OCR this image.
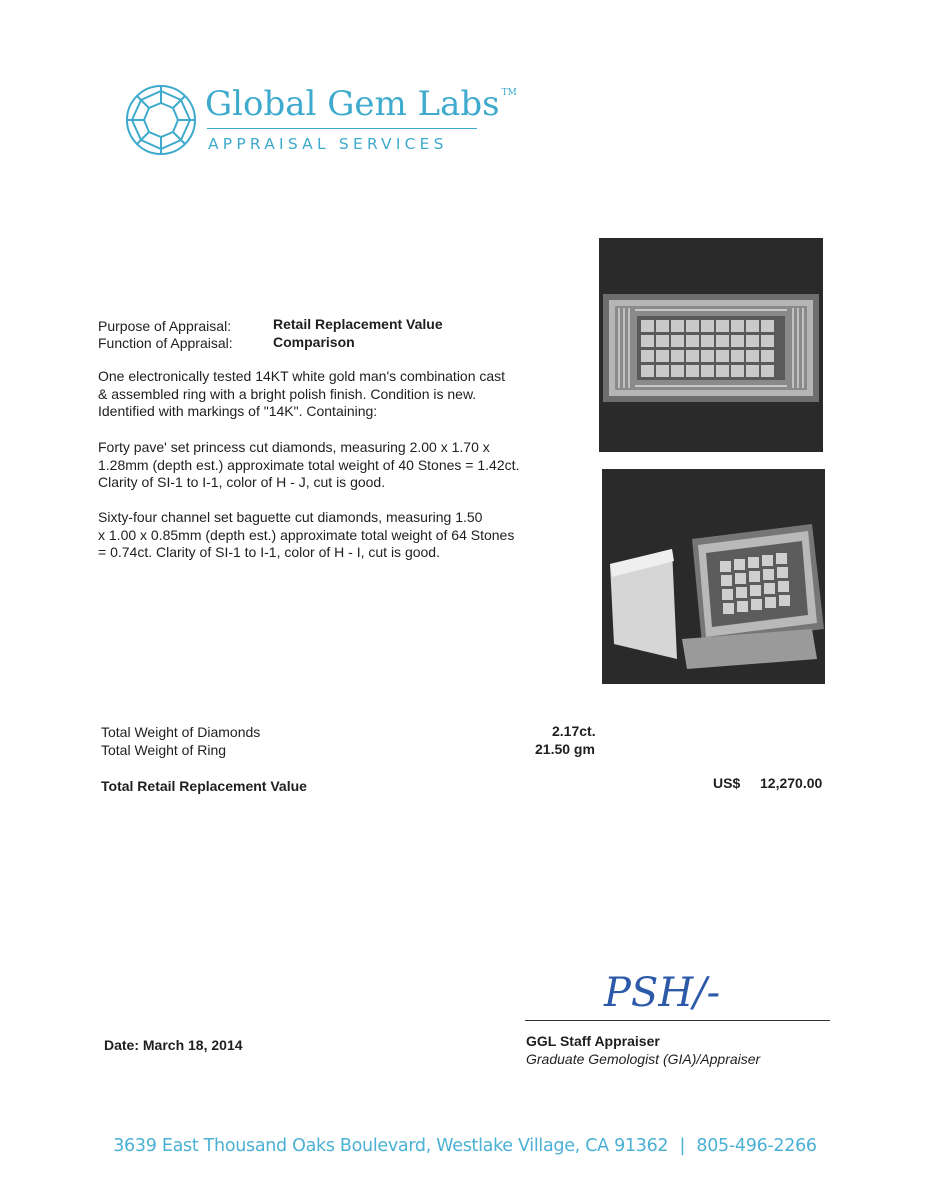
Global Gem Labs ™
APPRAISAL SERVICES
Purpose of Appraisal:	Retail Replacement Value
Function of Appraisal:	Comparison
One electronically tested 14KT white gold man's combination cast
& assembled ring with a bright polish finish. Condition is new.
Identified with markings of "14K". Containing:
Forty pave' set princess cut diamonds, measuring 2.00 x 1.70 x
1.28mm (depth est.) approximate total weight of 40 Stones = 1.42ct.
Clarity of SI-1 to I-1, color of H - J, cut is good.
Sixty-four channel set baguette cut diamonds, measuring 1.50
x 1.00 x 0.85mm (depth est.) approximate total weight of 64 Stones
= 0.74ct. Clarity of SI-1 to I-1, color of H - I, cut is good.
Total Weight of Diamonds	2.17ct.
Total Weight of Ring	21.50 gm
Total Retail Replacement Value	US$ 12,270.00
PSH/-
Date: March 18, 2014	GGL Staff Appraiser
Graduate Gemologist (GIA)/Appraiser
3639 East Thousand Oaks Boulevard, Westlake Village, CA 91362 | 805-496-2266
